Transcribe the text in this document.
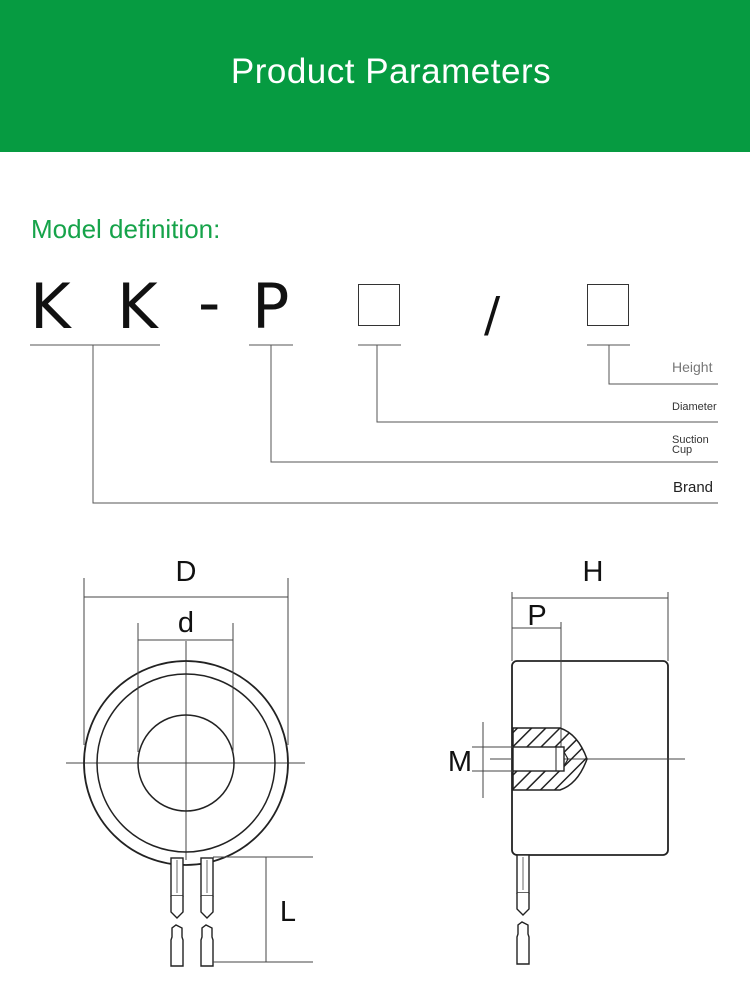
Product Parameters
Model definition:
K K - P	/
Height
Diameter
Suction
Cup
Brand
D
d
L
H
P
M
